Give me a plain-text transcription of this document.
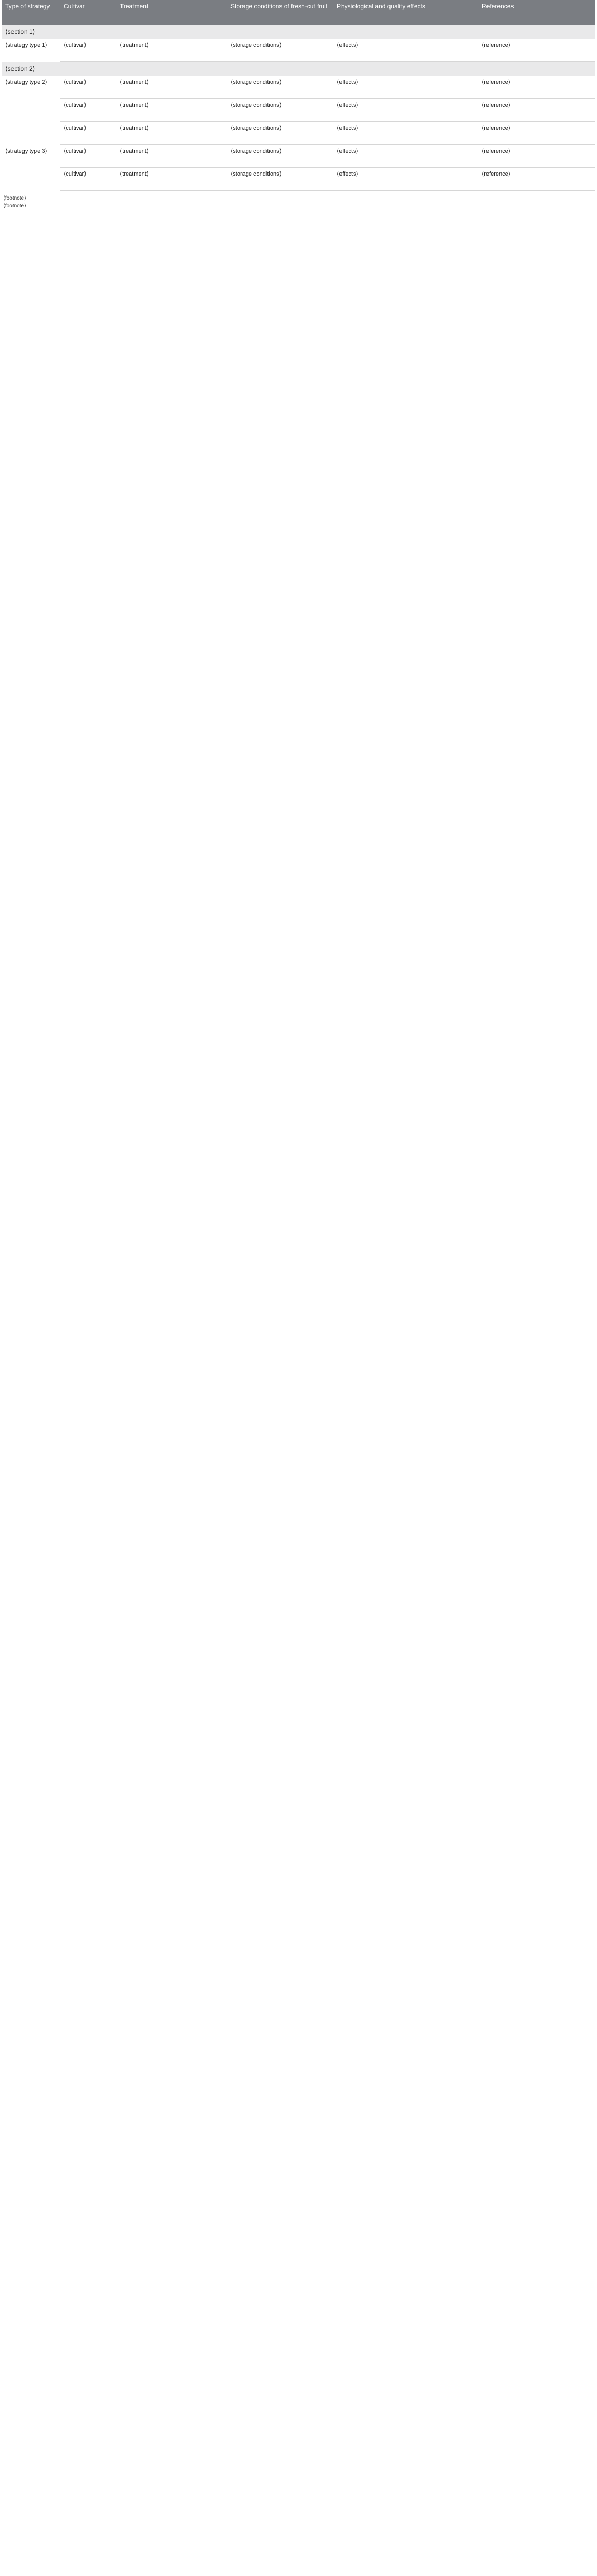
Type of strategy	Cultivar	Treatment	Storage conditions of fresh-cut fruit	Physiological and quality effects	References
⟨section 1⟩					
⟨strategy type 1⟩	⟨cultivar⟩	⟨treatment⟩	⟨storage conditions⟩	⟨effects⟩	⟨reference⟩
⟨section 2⟩					
⟨strategy type 2⟩	⟨cultivar⟩	⟨treatment⟩	⟨storage conditions⟩	⟨effects⟩	⟨reference⟩
	⟨cultivar⟩	⟨treatment⟩	⟨storage conditions⟩	⟨effects⟩	⟨reference⟩
	⟨cultivar⟩	⟨treatment⟩	⟨storage conditions⟩	⟨effects⟩	⟨reference⟩
⟨strategy type 3⟩	⟨cultivar⟩	⟨treatment⟩	⟨storage conditions⟩	⟨effects⟩	⟨reference⟩
	⟨cultivar⟩	⟨treatment⟩	⟨storage conditions⟩	⟨effects⟩	⟨reference⟩
⟨footnote⟩
⟨footnote⟩
